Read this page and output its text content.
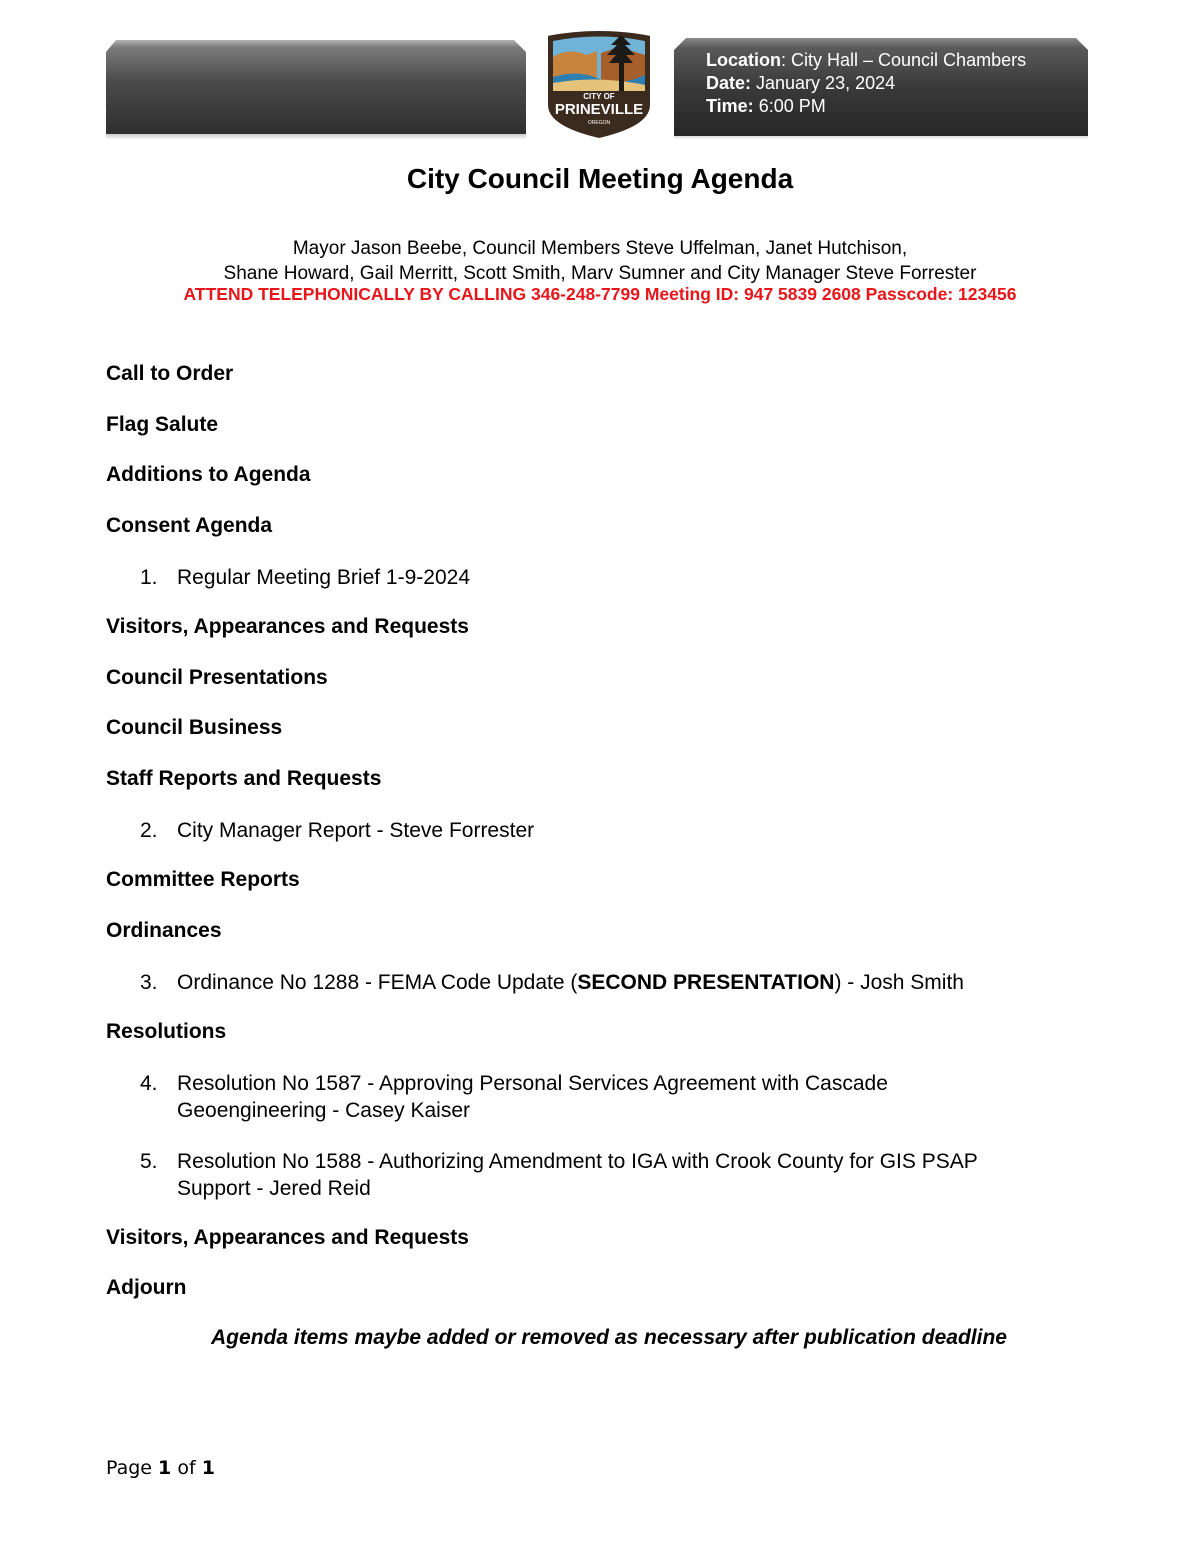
Location: City Hall – Council Chambers
Date: January 23, 2024
Time: 6:00 PM
CITY OF
PRINEVILLE
OREGON
City Council Meeting Agenda
Mayor Jason Beebe, Council Members Steve Uffelman, Janet Hutchison,
Shane Howard, Gail Merritt, Scott Smith, Marv Sumner and City Manager Steve Forrester
ATTEND TELEPHONICALLY BY CALLING 346-248-7799 Meeting ID: 947 5839 2608 Passcode: 123456
Call to Order
Flag Salute
Additions to Agenda
Consent Agenda
1. Regular Meeting Brief 1-9-2024
Visitors, Appearances and Requests
Council Presentations
Council Business
Staff Reports and Requests
2. City Manager Report - Steve Forrester
Committee Reports
Ordinances
3. Ordinance No 1288 - FEMA Code Update (SECOND PRESENTATION) - Josh Smith
Resolutions
4. Resolution No 1587 - Approving Personal Services Agreement with Cascade
Geoengineering - Casey Kaiser
5. Resolution No 1588 - Authorizing Amendment to IGA with Crook County for GIS PSAP
Support - Jered Reid
Visitors, Appearances and Requests
Adjourn
Agenda items maybe added or removed as necessary after publication deadline
Page 1 of 1
